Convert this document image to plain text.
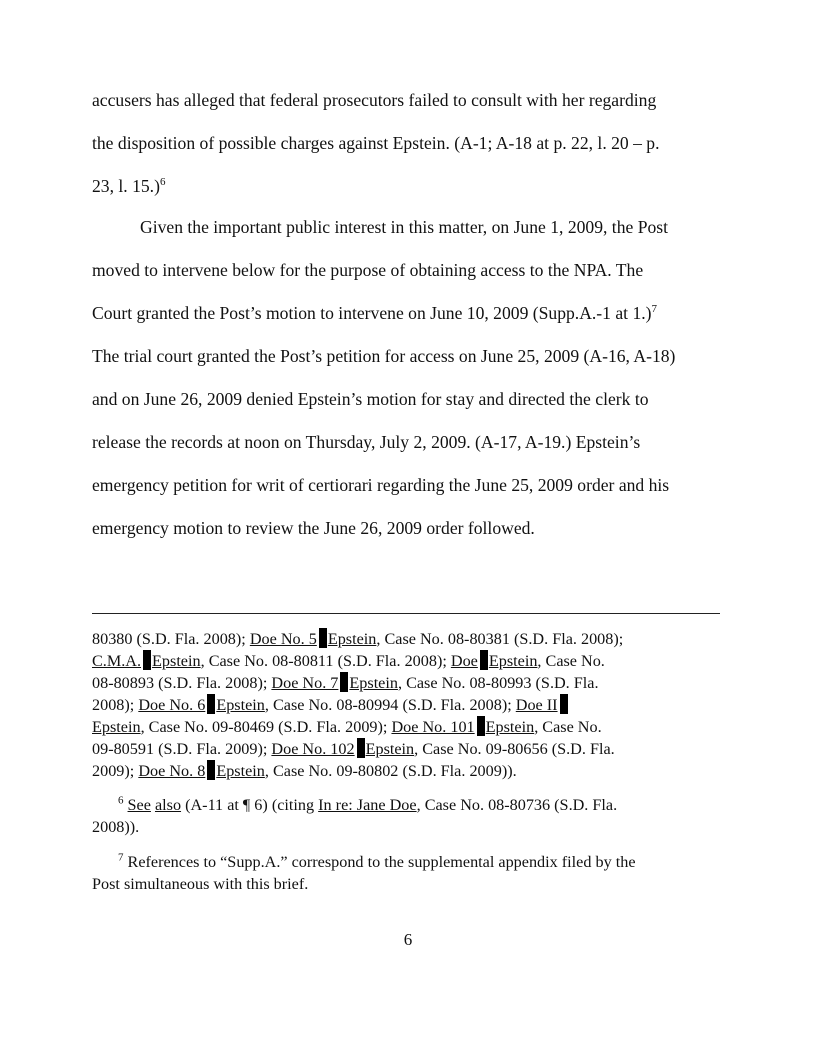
accusers has alleged that federal prosecutors failed to consult with her regarding
the disposition of possible charges against Epstein. (A-1; A-18 at p. 22, l. 20 – p.
23, l. 15.)$^6$
Given the important public interest in this matter, on June 1, 2009, the Post
moved to intervene below for the purpose of obtaining access to the NPA. The
Court granted the Post’s motion to intervene on June 10, 2009 (Supp.A.-1 at 1.)$^7$
The trial court granted the Post’s petition for access on June 25, 2009 (A-16, A-18)
and on June 26, 2009 denied Epstein’s motion for stay and directed the clerk to
release the records at noon on Thursday, July 2, 2009. (A-17, A-19.) Epstein’s
emergency petition for writ of certiorari regarding the June 25, 2009 order and his
emergency motion to review the June 26, 2009 order followed.
80380 (S.D. Fla. 2008); Doe No. 5 Epstein, Case No. 08-80381 (S.D. Fla. 2008);
C.M.A. Epstein, Case No. 08-80811 (S.D. Fla. 2008); Doe Epstein, Case No.
08-80893 (S.D. Fla. 2008); Doe No. 7 Epstein, Case No. 08-80993 (S.D. Fla.
2008); Doe No. 6 Epstein, Case No. 08-80994 (S.D. Fla. 2008); Doe II
Epstein, Case No. 09-80469 (S.D. Fla. 2009); Doe No. 101 Epstein, Case No.
09-80591 (S.D. Fla. 2009); Doe No. 102 Epstein, Case No. 09-80656 (S.D. Fla.
2009); Doe No. 8 Epstein, Case No. 09-80802 (S.D. Fla. 2009)).
$^6$ See also (A-11 at ¶ 6) (citing In re: Jane Doe, Case No. 08-80736 (S.D. Fla.
2008)).
$^7$ References to “Supp.A.” correspond to the supplemental appendix filed by the
Post simultaneous with this brief.
6
